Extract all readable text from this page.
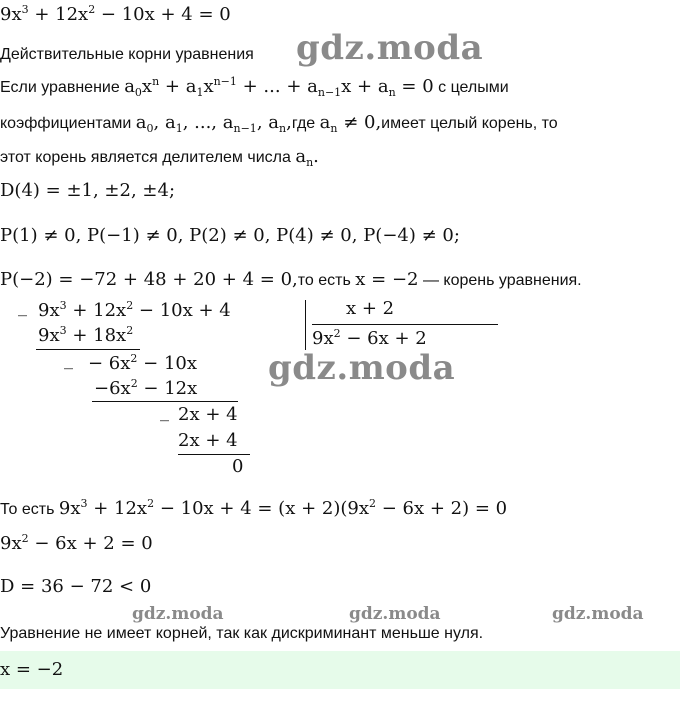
$9x^3 + 12x^2 - 10x + 4 = 0$
Действительные корни уравнения gdz.moda
Если уравнение $a_0x^n + a_1x^{n-1}$ + ... + $a_{n-1}x + a_n = 0$ с целыми
коэффициентами $a_0$, $a_1$, ..., $a_{n-1}$, $a_n,где$ $a_n$ ≠ 0,имеет целый корень, то
этот корень является делителем числа $a_n$.
D(4) = ±1, ±2, ±4;
P(1) ≠ 0, P(−1) ≠ 0, P(2) ≠ 0, P(4) ≠ 0, P(−4) ≠ 0;
P(−2) = −72 + 48 + 20 + 4 = 0,то есть x = −2 — корень уравнения.
_ $9x^3 + 12x^2 - 10x + 4$	x + 2
$9x^2 - 6x + 2$
$9x^3 + 18x^2$
_ − $6x^2 - 10x$
$-6x^2 - 12x$
_ 2x + 4
2x + 4
0
gdz.moda
То есть $9x^3 + 12x^2 - 10x + 4 = (x + 2)(9x^2 - 6x + 2) = 0$
$9x^2 - 6x + 2 = 0$
D = 36 − 72 < 0
gdz.moda	gdz.moda	gdz.moda
Уравнение не имеет корней, так как дискриминант меньше нуля.
x = −2
